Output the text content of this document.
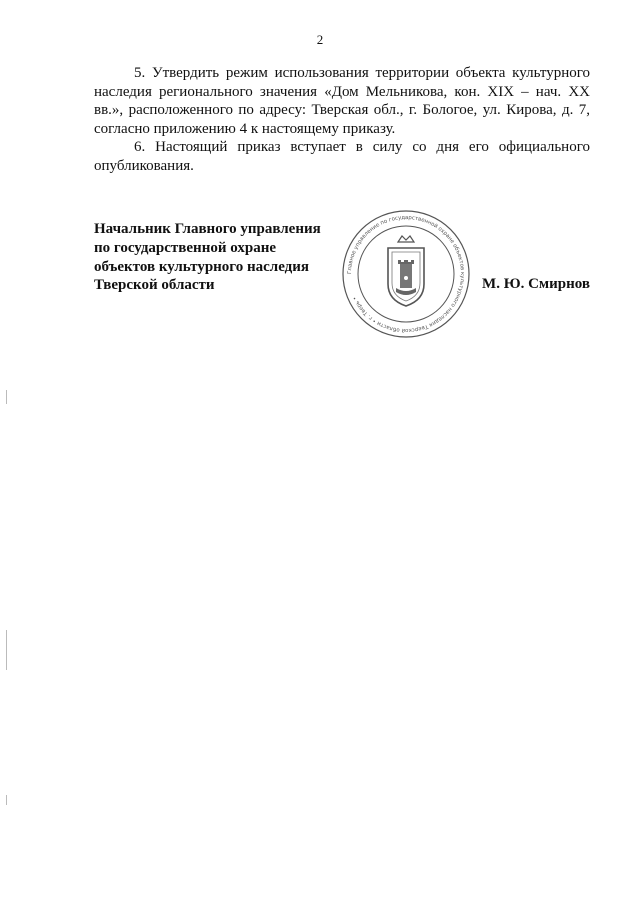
2

5. Утвердить режим использования территории объекта культурного наследия регионального значения «Дом Мельникова, кон. XIX – нач. XX вв.», расположенного по адресу: Тверская обл., г. Бологое, ул. Кирова, д. 7, согласно приложению 4 к настоящему приказу.

6. Настоящий приказ вступает в силу со дня его официального опубликования.

Начальник Главного управления
по государственной охране
объектов культурного наследия
Тверской области
Главное управление по государственной охране объектов культурного наследия Тверской области • г. Тверь •
М. Ю. Смирнов
